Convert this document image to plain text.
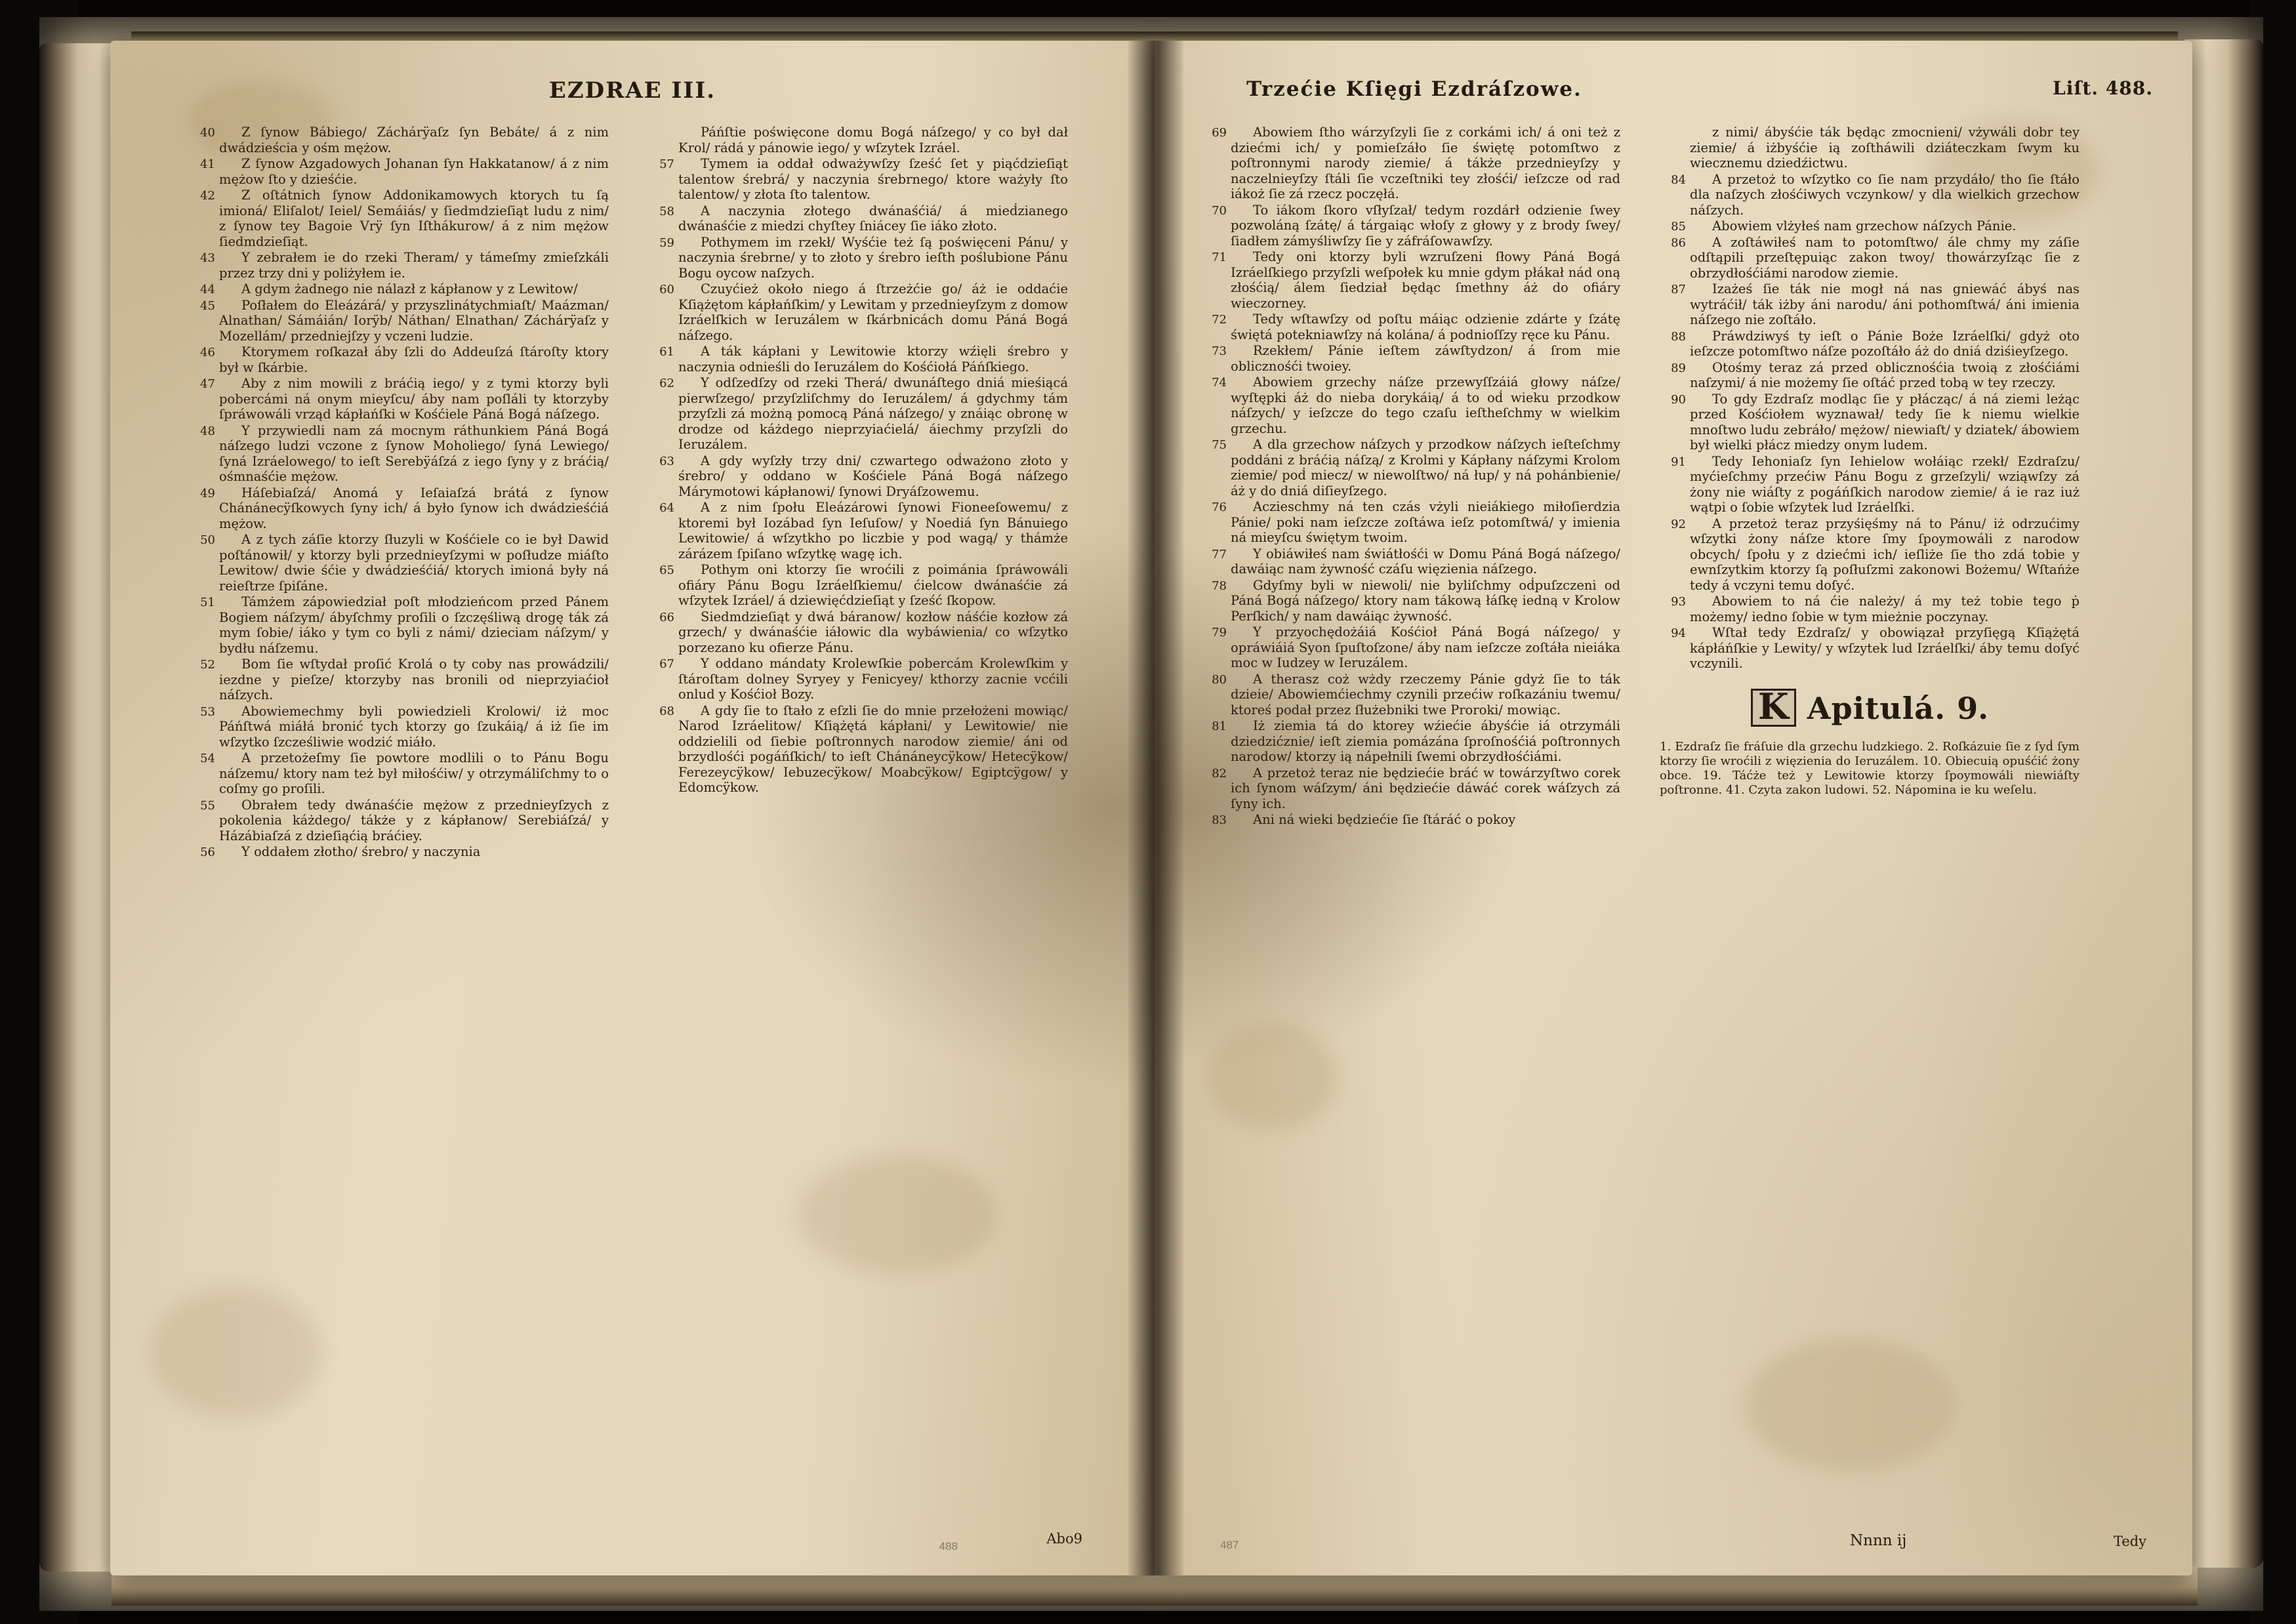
EZDRAE III.

40	Z ſynow Bábiego/ Záchárÿaſz ſyn Bebáte/ á z nim dwádzieścia y ośm mężow.

41	Z ſynow Azgadowych Johanan ſyn Hakkatanow/ á z nim mężow ſto y dzieśćie.

42	Z oſtátnich ſynow Addonikamowych ktorych tu ſą imioná/ Eliſalot/ Ieiel/ Semáiás/ y ſiedmdzieſiąt ludu z nim/ z ſynow tey Bagoie Vrÿ ſyn Iſthákurow/ á z nim mężow ſiedmdzieſiąt.

43	Y zebrałem ie do rzeki Theram/ y támeſmy zmieſzkáli przez trzy dni y poliżyłem ie.

44	A gdym żadnego nie nálazł z kápłanow y z Lewitow/

45	Poſłałem do Eleázárá/ y przyszlinátychmiaſt/ Maázman/ Alnathan/ Sámáián/ Iorÿb/ Náthan/ Elnathan/ Záchárÿaſz y Mozellám/ przedniejſzy y vczeni ludzie.

46	Ktorymem roſkazał áby ſzli do Addeuſzá ſtároſty ktory był w ſkárbie.

47	Aby z nim mowili z bráćią iego/ y z tymi ktorzy byli pobercámi ná onym mieyſcu/ áby nam poſláli ty ktorzyby ſpráwowáli vrząd kápłańſki w Kośćiele Páná Bogá náſzego.

48	Y przywiedli nam zá mocnym ráthunkiem Páná Bogá náſzego ludzi vczone z ſynow Moholiego/ ſyná Lewiego/ ſyná Izráelowego/ to ieſt Serebÿáſzá z iego ſyny y z bráćią/ ośmnaśćie mężow.

49	Háſebiaſzá/ Anomá y Ieſaiaſzá brátá z ſynow Chánánecÿſkowych ſyny ich/ á było ſynow ich dwádzieśćiá mężow.

50	A z tych záſie ktorzy ſłuzyli w Kośćiele co ie był Dawid poſtánowił/ y ktorzy byli przednieyſzymi w poſłudze miáſto Lewitow/ dwie śćie y dwádzieśćiá/ ktorych imioná były ná reieſtrze ſpiſáne.

51	Támżem zápowiedział poſt młodzieńcom przed Pánem Bogiem náſzym/ ábyſchmy proſili o ſzczęśliwą drogę ták zá mym ſobie/ iáko y tym co byli z námi/ dzieciam náſzym/ y bydłu náſzemu.

52	Bom ſie wſtydał proſić Krolá o ty coby nas prowádzili/ iezdne y pieſze/ ktorzyby nas bronili od nieprzyiaćioł náſzych.

53	Abowiemechmy byli powiedzieli Krolowi/ iż moc Páńſtwá miáłá bronić tych ktorzy go ſzukáią/ á iż ſie im wſzytko ſzcześliwie wodzić miáło.

54	A przetożeſmy ſie powtore modlili o to Pánu Bogu náſzemu/ ktory nam też był miłośćiw/ y otrzymáliſchmy to o coſmy go proſili.

55	Obrałem tedy dwánaśćie mężow z przednieyſzych z pokolenia káżdego/ tákże y z kápłanow/ Serebiáſzá/ y Házábiaſzá z dzieſiąćią bráćiey.

56	Y oddałem złotho/ śrebro/ y naczynia

Páńſtie poświęcone domu Bogá náſzego/ y co był dał Krol/ rádá y pánowie iego/ y wſzytek Izráel.

57	Tymem ia oddał odważywſzy ſześć ſet y piąćdzieſiąt talentow śrebrá/ y naczynia śrebrnego/ ktore ważyły ſto talentow/ y złota ſto talentow.

58	A naczynia złotego dwánaśćiá/ á mieḋzianego dwánaśćie z miedzi chyſtey ſniácey ſie iáko złoto.

59	Pothymem im rzekł/ Wyśćie też ſą poświęceni Pánu/ y naczynia śrebrne/ y to złoto y śrebro ieſth poślubione Pánu Bogu oycow naſzych.

60	Czuyćież około niego á ſtrzeżćie go/ áż ie oddaćie Kſiążętom kápłańſkim/ y Lewitam y przednieyſzym z domow Izráelſkich w Ieruzálem w ſkárbnicách domu Páná Bogá náſzego.

61	A ták kápłani y Lewitowie ktorzy wźięli śrebro y naczynia odnieśli do Ieruzálem do Kośćiołá Páńſkiego.

62	Y odſzedſzy od rzeki Therá/ dwunáſtego dniá mieśiącá pierwſzego/ przyſzliſchmy do Ieruzálem/ á gdychmy tám przyſzli zá możną pomocą Páná náſzego/ y znáiąc obronę w drodze od káżdego nieprzyiaćielá/ áiechmy przyſzli do Ieruzálem.

63	A gdy wyſzły trzy dni/ czwartego oḋważono złoto y śrebro/ y oddano w Kośćiele Páná Bogá náſzego Márymotowi kápłanowi/ ſynowi Dryáſzowemu.

64	A z nim ſpołu Eleázárowi ſynowi Fioneeſowemu/ z ktoremi był Iozábad ſyn Ieſuſow/ y Noediá ſyn Bánuiego Lewitowie/ á wſzytkho po liczbie y pod wagą/ y thámże zárázem ſpiſano wſzytkę wagę ich.

65	Pothym oni ktorzy ſie wroćili z poimánia ſpráwowáli ofiáry Pánu Bogu Izráelſkiemu/ ćielcow dwánaśćie zá wſzytek Izráel/ á dziewięćdzieſiąt y ſześć ſkopow.

66	Siedmdzieſiąt y dwá báranow/ kozłow náśćie kozłow zá grzech/ y dwánaśćie iáłowic dla wybáwienia/ co wſzytko porzezano ku ofierze Pánu.

67	Y oddano mándaty Krolewſkie pobercám Krolewſkim y ſtároſtam dolney Syryey y Fenicyey/ kthorzy zacnie vcćili onlud y Kośćioł Bozy.

68	A gdy ſie to ſtało z eſzli ſie do mnie przełożeni mowiąc/ Narod Izráelitow/ Kſiążętá kápłani/ y Lewitowie/ nie oddzielili od ſiebie poſtronnych narodow ziemie/ áni od brzydlośći pogáńſkich/ to ieſt Chánáneycÿkow/ Hetecÿkow/ Ferezeycÿkow/ Iebuzecÿkow/ Moabcÿkow/ Egiptcÿgow/ y Edomcÿkow.

Abo9
488
Trzećie Kſięgi Ezdráſzowe.	Liſt. 488.

69	Abowiem ſtho wárzyſzyli ſie z corkámi ich/ á oni też z dziećmi ich/ y pomieſzáło ſie świętę potomſtwo z poſtronnymi narody ziemie/ á tákże przednieyſzy y naczelnieyſzy ſtáli ſie vczeſtniki tey złośći/ ieſzcze oḋ rad iákoż ſie zá rzecz poczęłá.

70	To iákom ſkoro vſłyſzał/ tedym rozdárł odzienie ſwey pozwoláną ſzátę/ á tárgaiąc włoſy z głowy y z brody ſwey/ ſiadłem zámyśliwſzy ſie y záfráſowawſzy.

71	Tedy oni ktorzy byli wzruſzeni ſłowy Páná Bogá Izráelſkiego przyſzli weſpołek ku mnie gdym płákał nád oną złośćią/ álem ſiedział będąc ſmethny áż do ofiáry wieczorney.

72	Tedy wſtawſzy od poſtu máiąc odzienie zdárte y ſzátę świętá potekniawſzy ná kolána/ á podnioſſzy ręce ku Pánu.

73	Rzekłem/ Pánie ieſtem záwſtydzon/ á ſrom mie oblicznośći twoiey.

74	Abowiem grzechy náſze przewyſſzáiá głowy náſze/ wyſtępki áż do nieba dorykáią/ á to oḋ wieku przodkow náſzych/ y ieſzcze do tego czaſu ieſtheſchmy w wielkim grzechu.

75	A dla grzechow náſzych y przodkow náſzych ieſteſchmy poddáni z bráćią náſzą/ z Krolmi y Kápłany náſzymi Krolom ziemie/ poḋ miecz/ w niewolſtwo/ ná łup/ y ná pohánbienie/ áż y do dniá diſieyſzego.

76	Aczieschmy ná ten czás vżyli nieiákiego miłoſierdzia Pánie/ poki nam ieſzcze zoſtáwa ieſz potomſtwá/ y imienia ná mieyſcu świętym twoim.

77	Y obiáwiłeś nam świátłośći w Domu Páná Bogá náſzego/ dawáiąc nam żywność czáſu więzienia náſzego.

78	Gdyſmy byli w niewoli/ nie byliſchmy oḋpuſzczeni od Páná Bogá náſzego/ ktory nam tákową łáſkę iedną v Krolow Perſkich/ y nam dawáiąc żywność.

79	Y przyochędożáiá Kośćioł Páná Bogá náſzego/ y opráwiáiá Syon ſpuſtoſzone/ áby nam ieſzcze zoſtáła nieiáka moc w Iudzey w Ieruzálem.

80	A therasz coż wżdy rzeczemy Pánie gdyż ſie to ták dzieie/ Abowiemćiechmy czynili przećiw roſkazániu twemu/ ktoreś podał przez ſłużebniki twe Proroki/ mowiąc.

81	Iż ziemia tá do ktorey wźiećie ábyśćie iá otrzymáli dziedzićznie/ ieſt ziemia pomázána ſproſnośćiá poſtronnych narodow/ ktorzy ią nápełnili ſwemi obrzydłośćiámi.

82	A przetoż teraz nie będziećie bráć w towárzyſtwo corek ich ſynom wáſzym/ áni będziećie dáwáć corek wáſzych zá ſyny ich.

83	Ani ná wieki będziećie ſie ſtáráć o pokoy

z nimi/ ábyśćie ták będąc zmocnieni/ vżywáli dobr tey ziemie/ á iżbyśćie ią zoſtháwili dziáteczkam ſwym ku wiecznemu dziedźictwu.

84	A przetoż to wſzytko co ſie nam przydáło/ tho ſie ſtáło dla naſzych złośćiwych vczynkow/ y dla wielkich grzechow náſzych.

85	Abowiem vlżyłeś nam grzechow náſzych Pánie.

86	A zoſtáwiłeś nam to potomſtwo/ ále chmy my záſie odſtąpili przeſtępuiąc zakon twoy/ thowárzyſząc ſie z obrzydłośćiámi narodow ziemie.

87	Izażeś ſie ták nie mogł ná nas gniewáć ábyś nas wytráćił/ ták iżby áni narodu/ áni pothomſtwá/ áni imienia náſzego nie zoſtáło.

88	Práwdziwyś ty ieſt o Pánie Boże Izráelſki/ gdyż oto ieſzcze potomſtwo náſze pozoſtáło áż do dniá dziśieyſzego.

89	Otośmy teraz zá przed oblicznośćia twoią z złośćiámi naſzymi/ á nie możemy ſie oſtáć przed tobą w tey rzeczy.

90	To gdy Ezdraſz modląc ſie y płácząc/ á ná ziemi leżąc przed Kośćiołem wyznawał/ tedy ſie k niemu wielkie mnoſtwo ludu zebráło/ mężow/ niewiaſt/ y dziatek/ ábowiem był wielki płácz miedzy onym ludem.

91	Tedy Iehoniaſz ſyn Iehielow wołáiąc rzekł/ Ezdraſzu/ myćieſchmy przećiw Pánu Bogu z grzeſzyli/ wziąwſzy zá żony nie wiáſty z pogáńſkich narodow ziemie/ á ie raz iuż wątpi o ſobie wſzytek lud Izráelſki.

92	A przetoż teraz przyśięśmy ná to Pánu/ iż odrzućimy wſzytki żony náſze ktore ſmy ſpoymowáli z narodow obcych/ ſpołu y z dziećmi ich/ ieſliże ſie tho zdá tobie y ewnſzytkim ktorzy ſą poſłuſzmi zakonowi Bożemu/ Wſtańże tedy á vczyni temu doſyć.

93	Abowiem to ná ćie należy/ á my też tobie tego ṗ możemy/ iedno ſobie w tym mieżnie poczynay.

94	Wſtał tedy Ezdraſz/ y obowiązał przyſięgą Kſiążętá kápłáńſkie y Lewity/ y wſzytek lud Izráelſki/ áby temu doſyć vczynili.

K Apitulá. 9.
1. Ezdraſz ſie fráſuie dla grzechu ludzkiego. 2. Roſkázuie ſie z ſyḋ ſym ktorzy ſie wroćili z więzienia do Ieruzálem. 10. Obiecuią opuśćić żony obce. 19. Táćże też y Lewitowie ktorzy ſpoymowáli niewiáſty poſtronne. 41. Czyta zakon ludowi. 52. Nápomina ie ku weſelu.
Nnnn ij	Tedy
487
